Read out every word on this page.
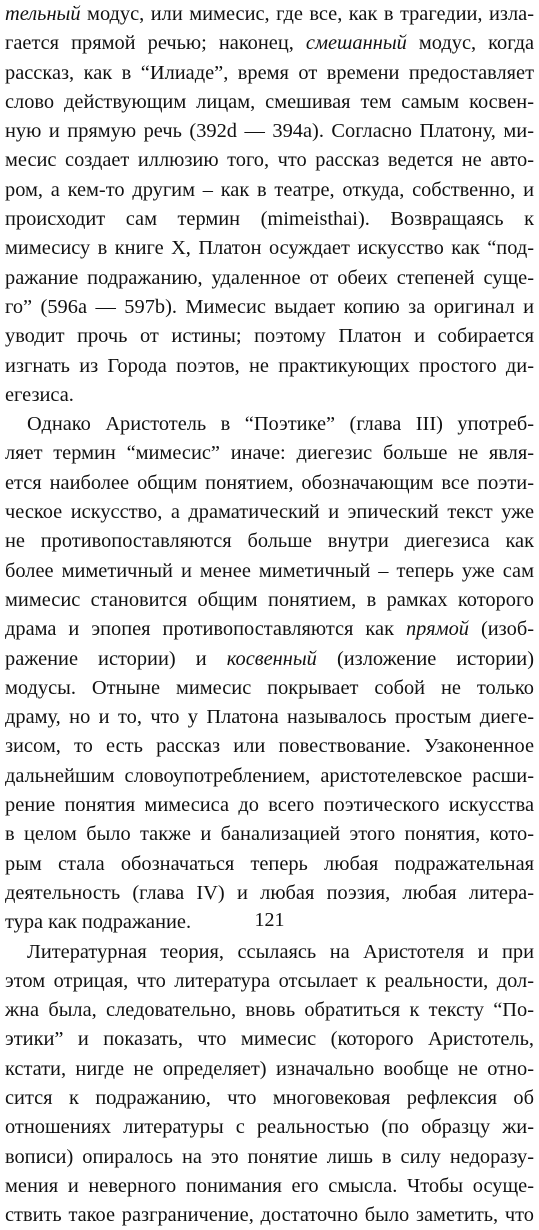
тельный модус, или мимесис, где все, как в трагедии, изла-
гается прямой речью; наконец, смешанный модус, когда
рассказ, как в “Илиаде”, время от времени предоставляет
слово действующим лицам, смешивая тем самым косвен-
ную и прямую речь (392d — 394a). Согласно Платону, ми-
месис создает иллюзию того, что рассказ ведется не авто-
ром, а кем-то другим – как в театре, откуда, собственно, и
происходит сам термин (mimeisthai). Возвращаясь к
мимесису в книге X, Платон осуждает искусство как “под-
ражание подражанию, удаленное от обеих степеней суще-
го” (596a — 597b). Мимесис выдает копию за оригинал и
уводит прочь от истины; поэтому Платон и собирается
изгнать из Города поэтов, не практикующих простого ди-
егезиса.
Однако Аристотель в “Поэтике” (глава III) употреб-
ляет термин “мимесис” иначе: диегезис больше не явля-
ется наиболее общим понятием, обозначающим все поэти-
ческое искусство, а драматический и эпический текст уже
не противопоставляются больше внутри диегезиса как
более миметичный и менее миметичный – теперь уже сам
мимесис становится общим понятием, в рамках которого
драма и эпопея противопоставляются как прямой (изоб-
ражение истории) и косвенный (изложение истории)
модусы. Отныне мимесис покрывает собой не только
драму, но и то, что у Платона называлось простым диеге-
зисом, то есть рассказ или повествование. Узаконенное
дальнейшим словоупотреблением, аристотелевское расши-
рение понятия мимесиса до всего поэтического искусства
в целом было также и банализацией этого понятия, кото-
рым стала обозначаться теперь любая подражательная
деятельность (глава IV) и любая поэзия, любая литера-
тура как подражание.
Литературная теория, ссылаясь на Аристотеля и при
этом отрицая, что литература отсылает к реальности, дол-
жна была, следовательно, вновь обратиться к тексту “По-
этики” и показать, что мимесис (которого Аристотель,
кстати, нигде не определяет) изначально вообще не отно-
сится к подражанию, что многовековая рефлексия об
отношениях литературы с реальностью (по образцу жи-
вописи) опиралось на это понятие лишь в силу недоразу-
мения и неверного понимания его смысла. Чтобы осуще-
ствить такое разграничение, достаточно было заметить, что
121
